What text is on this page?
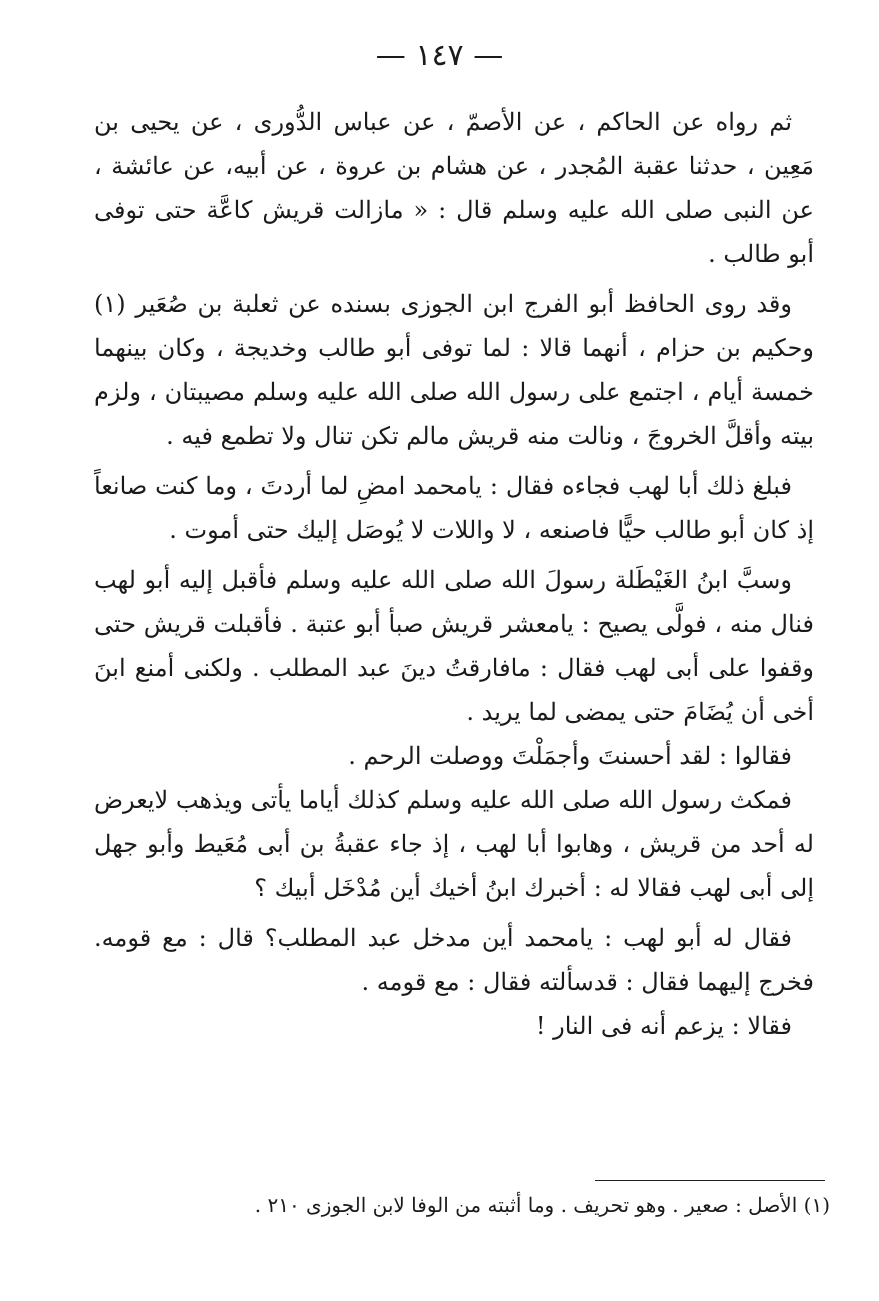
— ١٤٧ —

ثم رواه عن الحاكم ، عن الأصمّ ، عن عباس الدُّورى ، عن يحيى بن مَعِين ، حدثنا عقبة المُجدر ، عن هشام بن عروة ، عن أبيه، عن عائشة ، عن النبى صلى الله عليه وسلم قال : « مازالت قريش كاعَّة حتى توفى أبو طالب .

وقد روى الحافظ أبو الفرج ابن الجوزى بسنده عن ثعلبة بن صُعَير (١) وحكيم بن حزام ، أنهما قالا : لما توفى أبو طالب وخديجة ، وكان بينهما خمسة أيام ، اجتمع على رسول الله صلى الله عليه وسلم مصيبتان ، ولزم بيته وأقلَّ الخروجَ ، ونالت منه قريش مالم تكن تنال ولا تطمع فيه .

فبلغ ذلك أبا لهب فجاءه فقال : يامحمد امضِ لما أردتَ ، وما كنت صانعاً إذ كان أبو طالب حيًّا فاصنعه ، لا واللات لا يُوصَل إليك حتى أموت .

وسبَّ ابنُ الغَيْطَلة رسولَ الله صلى الله عليه وسلم فأقبل إليه أبو لهب فنال منه ، فولَّى يصيح : يامعشر قريش صبأ أبو عتبة . فأقبلت قريش حتى وقفوا على أبى لهب فقال : مافارقتُ دينَ عبد المطلب . ولكنى أمنع ابنَ أخى أن يُضَامَ حتى يمضى لما يريد .

فقالوا : لقد أحسنتَ وأجمَلْتَ ووصلت الرحم .

فمكث رسول الله صلى الله عليه وسلم كذلك أياما يأتى ويذهب لايعرض له أحد من قريش ، وهابوا أبا لهب ، إذ جاء عقبةُ بن أبى مُعَيط وأبو جهل إلى أبى لهب فقالا له : أخبرك ابنُ أخيك أين مُدْخَل أبيك ؟

فقال له أبو لهب : يامحمد أين مدخل عبد المطلب؟ قال : مع قومه. فخرج إليهما فقال : قدسألته فقال : مع قومه .

فقالا : يزعم أنه فى النار !

(١) الأصل : صعير . وهو تحريف . وما أثبته من الوفا لابن الجوزى ٢١٠ .
